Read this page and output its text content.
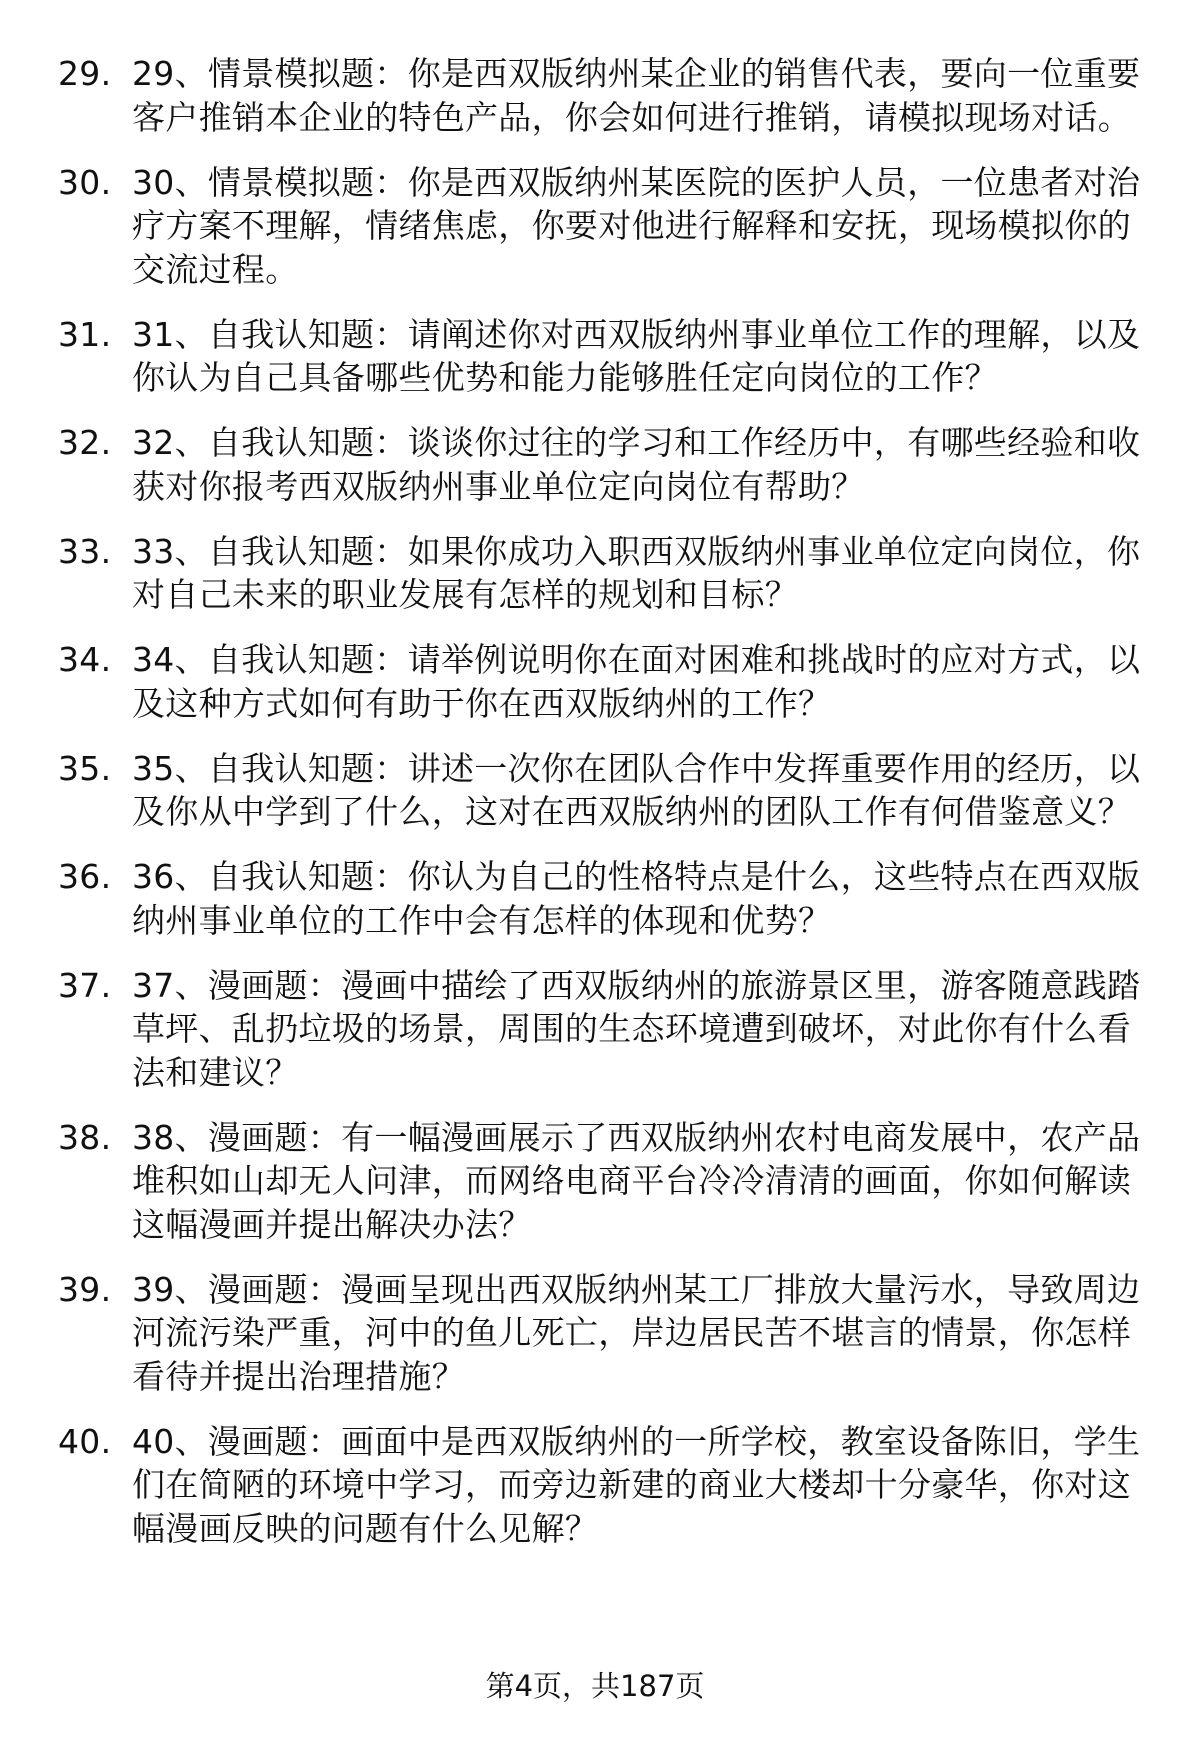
29. 29、情景模拟题：你是西双版纳州某企业的销售代表，要向一位重要客户推销本企业的特色产品，你会如何进行推销，请模拟现场对话。
30. 30、情景模拟题：你是西双版纳州某医院的医护人员，一位患者对治疗方案不理解，情绪焦虑，你要对他进行解释和安抚，现场模拟你的交流过程。
31. 31、自我认知题：请阐述你对西双版纳州事业单位工作的理解，以及你认为自己具备哪些优势和能力能够胜任定向岗位的工作？
32. 32、自我认知题：谈谈你过往的学习和工作经历中，有哪些经验和收获对你报考西双版纳州事业单位定向岗位有帮助？
33. 33、自我认知题：如果你成功入职西双版纳州事业单位定向岗位，你对自己未来的职业发展有怎样的规划和目标？
34. 34、自我认知题：请举例说明你在面对困难和挑战时的应对方式，以及这种方式如何有助于你在西双版纳州的工作？
35. 35、自我认知题：讲述一次你在团队合作中发挥重要作用的经历，以及你从中学到了什么，这对在西双版纳州的团队工作有何借鉴意义？
36. 36、自我认知题：你认为自己的性格特点是什么，这些特点在西双版纳州事业单位的工作中会有怎样的体现和优势？
37. 37、漫画题：漫画中描绘了西双版纳州的旅游景区里，游客随意践踏草坪、乱扔垃圾的场景，周围的生态环境遭到破坏，对此你有什么看法和建议？
38. 38、漫画题：有一幅漫画展示了西双版纳州农村电商发展中，农产品堆积如山却无人问津，而网络电商平台冷冷清清的画面，你如何解读这幅漫画并提出解决办法？
39. 39、漫画题：漫画呈现出西双版纳州某工厂排放大量污水，导致周边河流污染严重，河中的鱼儿死亡，岸边居民苦不堪言的情景，你怎样看待并提出治理措施？
40. 40、漫画题：画面中是西双版纳州的一所学校，教室设备陈旧，学生们在简陋的环境中学习，而旁边新建的商业大楼却十分豪华，你对这幅漫画反映的问题有什么见解？
第4页，共187页
